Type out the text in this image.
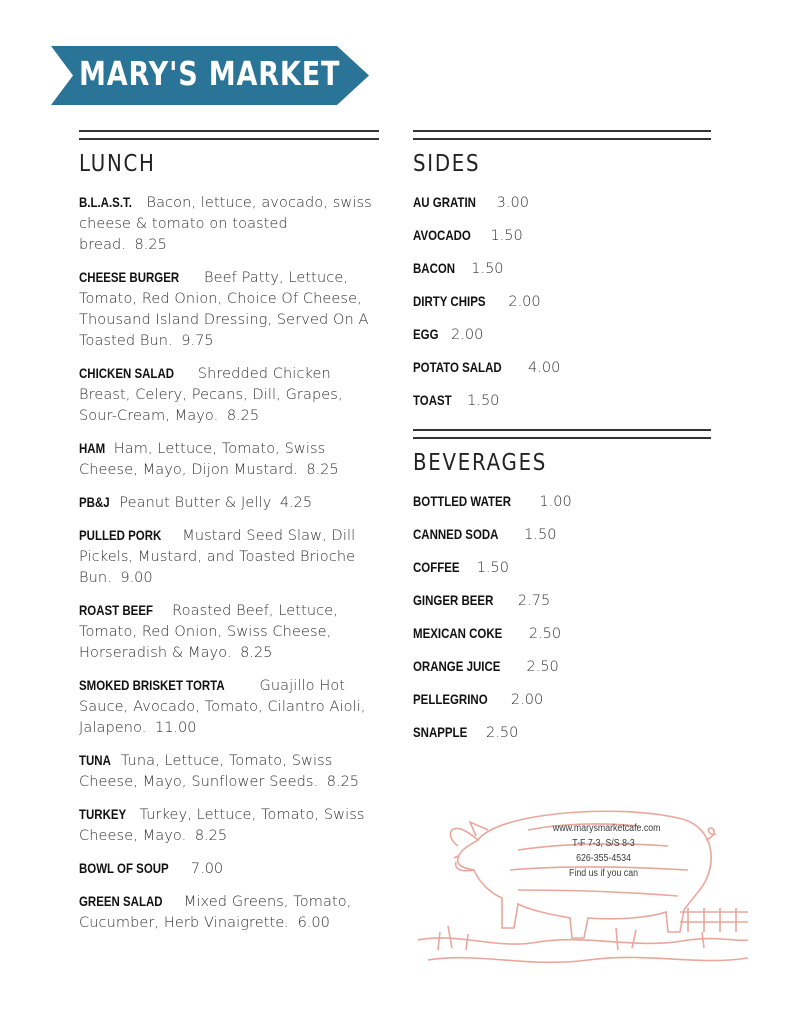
MARY'S MARKET
LUNCH
B.L.A.S.T. Bacon, lettuce, avocado, swiss cheese & tomato on toasted bread. 8.25
CHEESE BURGER Beef Patty, Lettuce, Tomato, Red Onion, Choice Of Cheese, Thousand Island Dressing, Served On A Toasted Bun. 9.75
CHICKEN SALAD Shredded Chicken Breast, Celery, Pecans, Dill, Grapes, Sour-Cream, Mayo. 8.25
HAM Ham, Lettuce, Tomato, Swiss Cheese, Mayo, Dijon Mustard. 8.25
PB&J Peanut Butter & Jelly 4.25
PULLED PORK Mustard Seed Slaw, Dill Pickels, Mustard, and Toasted Brioche Bun. 9.00
ROAST BEEF Roasted Beef, Lettuce, Tomato, Red Onion, Swiss Cheese, Horseradish & Mayo. 8.25
SMOKED BRISKET TORTA Guajillo Hot Sauce, Avocado, Tomato, Cilantro Aioli, Jalapeno. 11.00
TUNA Tuna, Lettuce, Tomato, Swiss Cheese, Mayo, Sunflower Seeds. 8.25
TURKEY Turkey, Lettuce, Tomato, Swiss Cheese, Mayo. 8.25
BOWL OF SOUP 7.00
GREEN SALAD Mixed Greens, Tomato, Cucumber, Herb Vinaigrette. 6.00
SIDES
AU GRATIN 3.00
AVOCADO 1.50
BACON 1.50
DIRTY CHIPS 2.00
EGG 2.00
POTATO SALAD 4.00
TOAST 1.50
BEVERAGES
BOTTLED WATER 1.00
CANNED SODA 1.50
COFFEE 1.50
GINGER BEER 2.75
MEXICAN COKE 2.50
ORANGE JUICE 2.50
PELLEGRINO 2.00
SNAPPLE 2.50
www.marysmarketcafe.com
T-F 7-3, S/S 8-3
626-355-4534
Find us if you can
